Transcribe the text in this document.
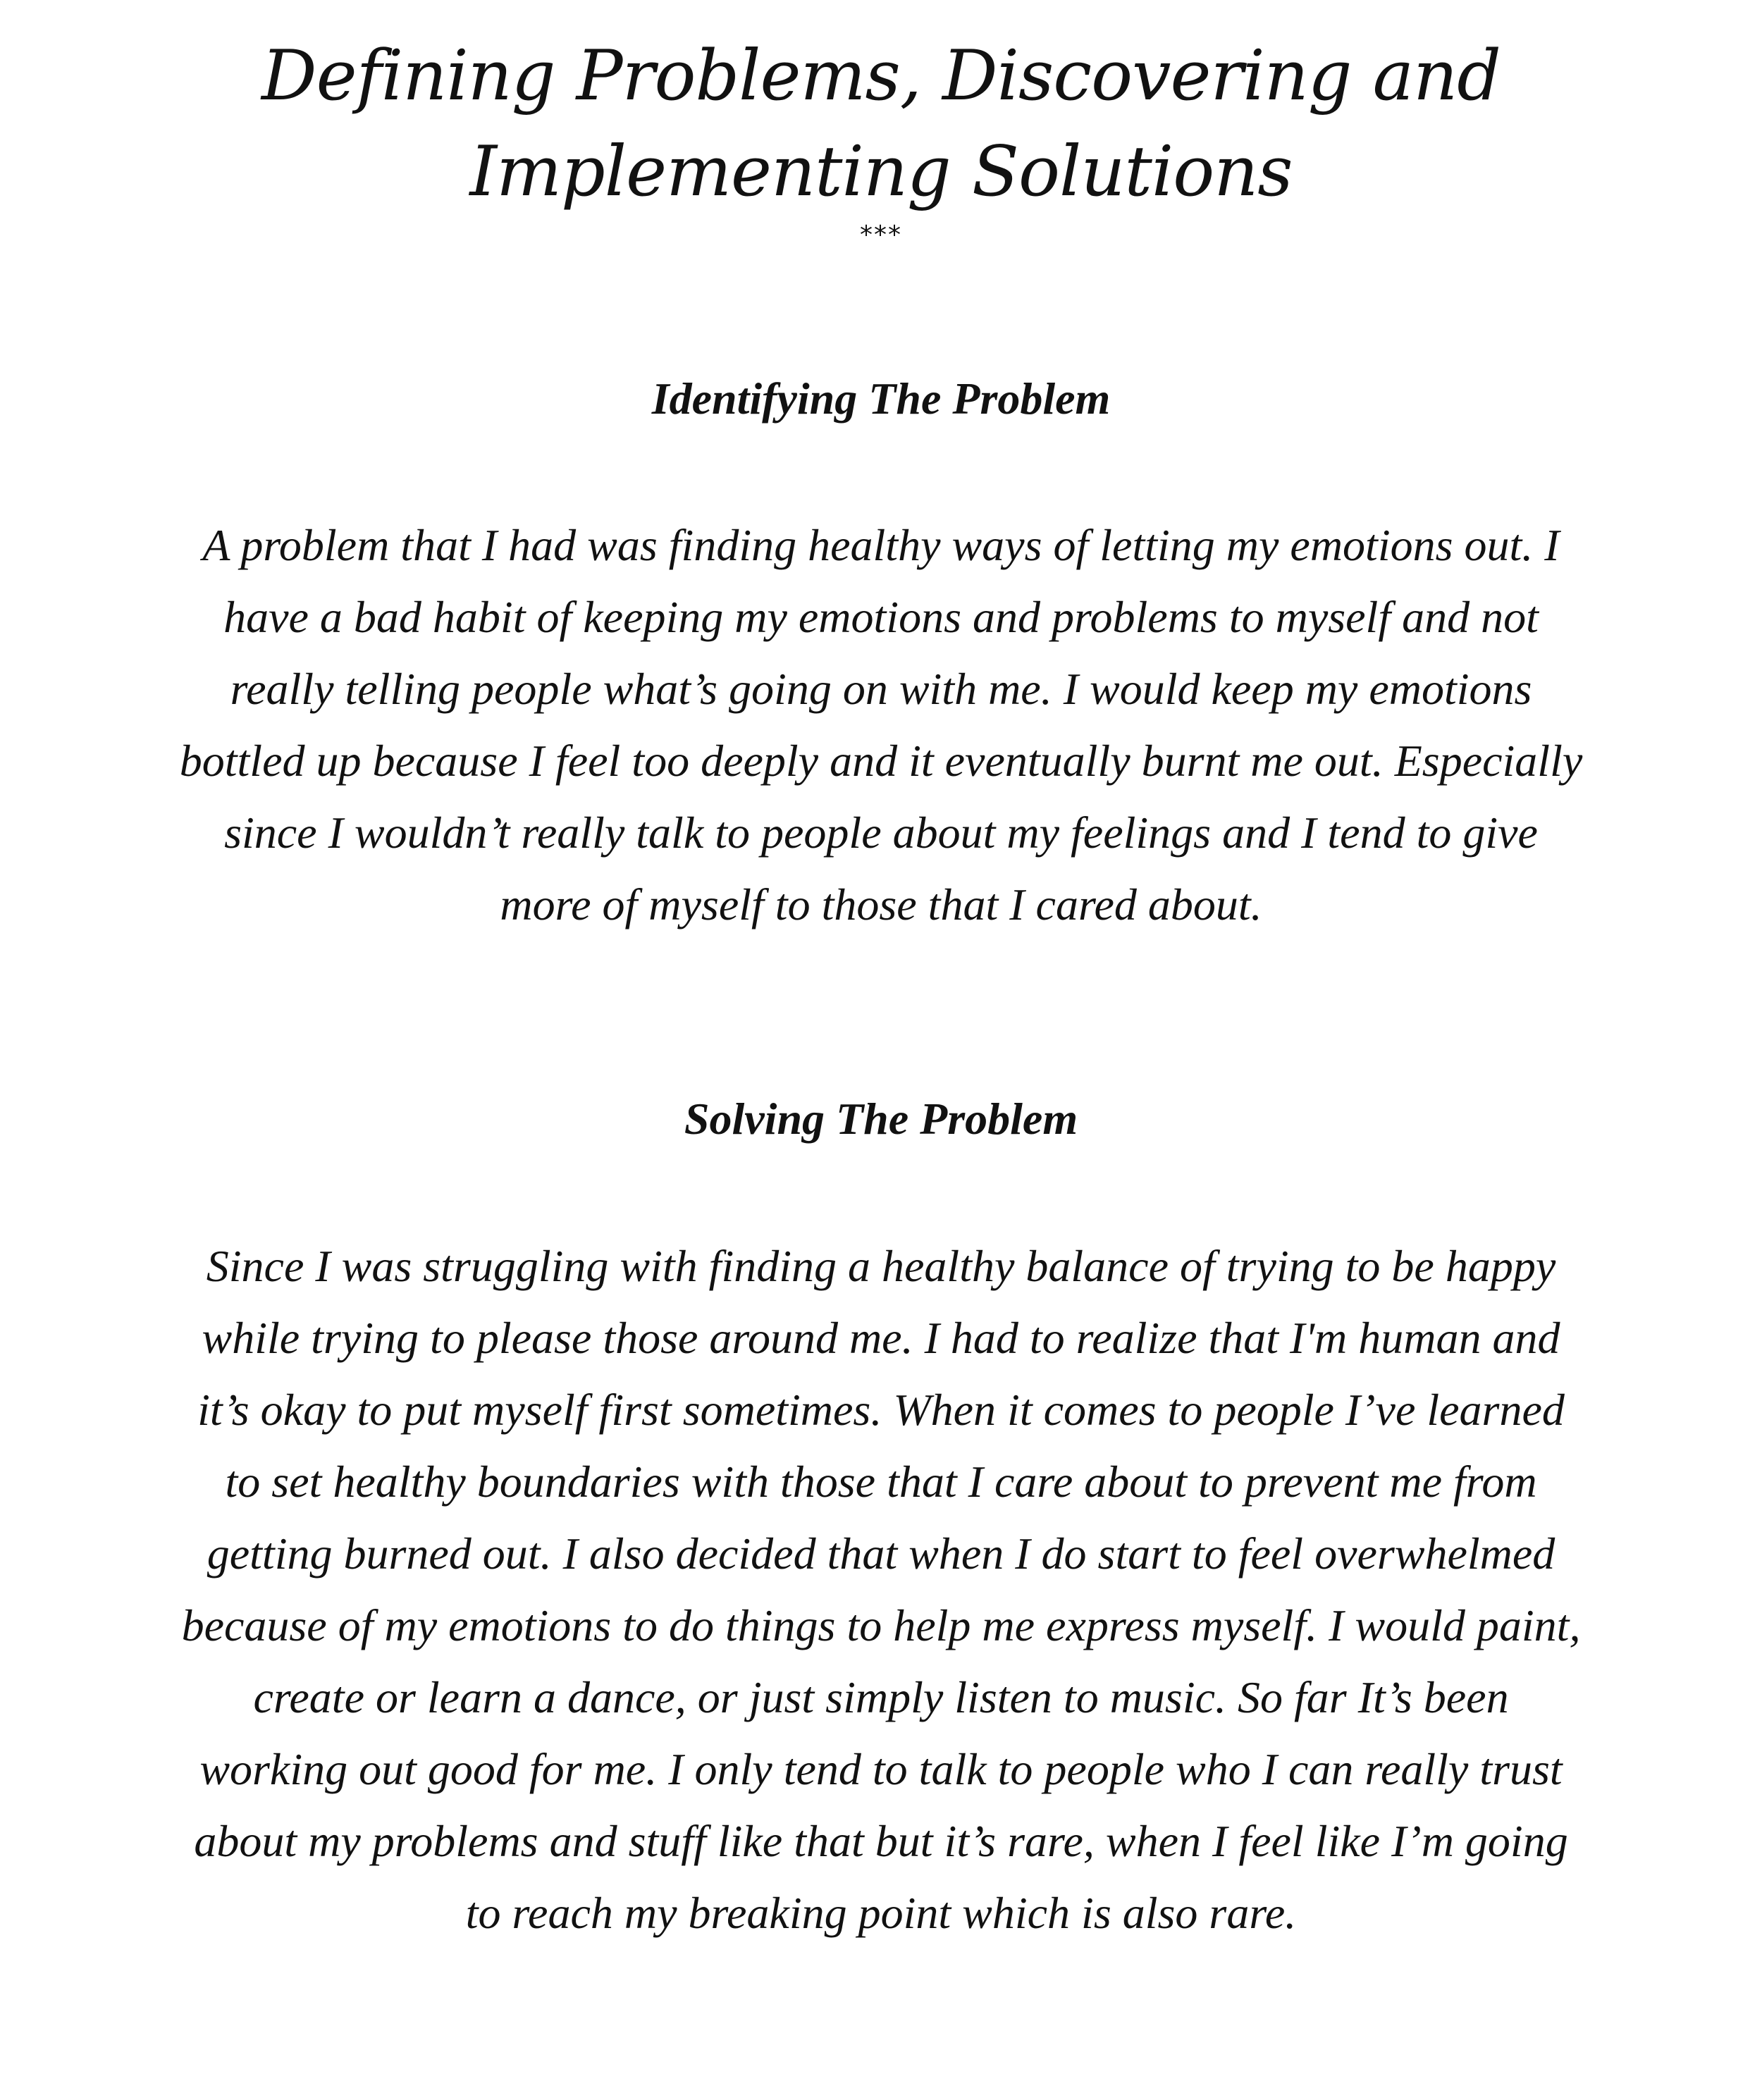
Defining Problems, Discovering and Implementing Solutions
***
Identifying The Problem

A problem that I had was finding healthy ways of letting my emotions out. I have a bad habit of keeping my emotions and problems to myself and not really telling people what’s going on with me. I would keep my emotions bottled up because I feel too deeply and it eventually burnt me out. Especially since I wouldn’t really talk to people about my feelings and I tend to give more of myself to those that I cared about.

Solving The Problem

Since I was struggling with finding a healthy balance of trying to be happy while trying to please those around me. I had to realize that I'm human and it’s okay to put myself first sometimes. When it comes to people I’ve learned to set healthy boundaries with those that I care about to prevent me from getting burned out. I also decided that when I do start to feel overwhelmed because of my emotions to do things to help me express myself. I would paint, create or learn a dance, or just simply listen to music. So far It’s been working out good for me. I only tend to talk to people who I can really trust about my problems and stuff like that but it’s rare, when I feel like I’m going to reach my breaking point which is also rare.
